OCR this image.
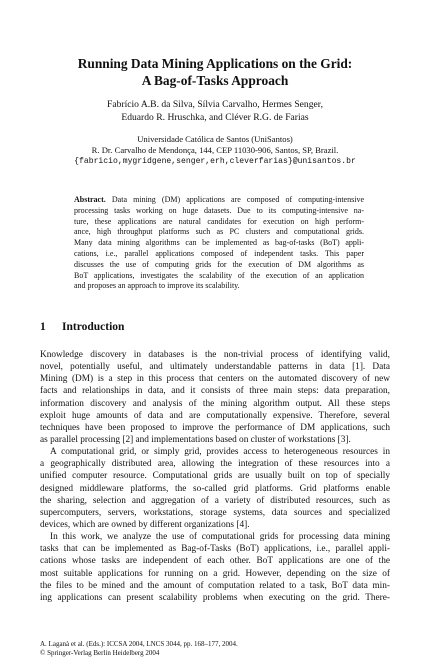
Running Data Mining Applications on the Grid:
A Bag-of-Tasks Approach
Fabrício A.B. da Silva, Sílvia Carvalho, Hermes Senger,
Eduardo R. Hruschka, and Cléver R.G. de Farias
Universidade Católica de Santos (UniSantos)
R. Dr. Carvalho de Mendonça, 144, CEP 11030-906, Santos, SP, Brazil.
{fabricio,mygridgene,senger,erh,cleverfarias}@unisantos.br
Abstract. Data mining (DM) applications are composed of computing-intensive
processing tasks working on huge datasets. Due to its computing-intensive na-
ture, these applications are natural candidates for execution on high perform-
ance, high throughput platforms such as PC clusters and computational grids.
Many data mining algorithms can be implemented as bag-of-tasks (BoT) appli-
cations, i.e., parallel applications composed of independent tasks. This paper
discusses the use of computing grids for the execution of DM algorithms as
BoT applications, investigates the scalability of the execution of an application
and proposes an approach to improve its scalability.
1 Introduction
Knowledge discovery in databases is the non-trivial process of identifying valid,
novel, potentially useful, and ultimately understandable patterns in data [1]. Data
Mining (DM) is a step in this process that centers on the automated discovery of new
facts and relationships in data, and it consists of three main steps: data preparation,
information discovery and analysis of the mining algorithm output. All these steps
exploit huge amounts of data and are computationally expensive. Therefore, several
techniques have been proposed to improve the performance of DM applications, such
as parallel processing [2] and implementations based on cluster of workstations [3].
A computational grid, or simply grid, provides access to heterogeneous resources in
a geographically distributed area, allowing the integration of these resources into a
unified computer resource. Computational grids are usually built on top of specially
designed middleware platforms, the so-called grid platforms. Grid platforms enable
the sharing, selection and aggregation of a variety of distributed resources, such as
supercomputers, servers, workstations, storage systems, data sources and specialized
devices, which are owned by different organizations [4].
In this work, we analyze the use of computational grids for processing data mining
tasks that can be implemented as Bag-of-Tasks (BoT) applications, i.e., parallel appli-
cations whose tasks are independent of each other. BoT applications are one of the
most suitable applications for running on a grid. However, depending on the size of
the files to be mined and the amount of computation related to a task, BoT data min-
ing applications can present scalability problems when executing on the grid. There-
A. Laganà et al. (Eds.): ICCSA 2004, LNCS 3044, pp. 168–177, 2004.
© Springer-Verlag Berlin Heidelberg 2004
